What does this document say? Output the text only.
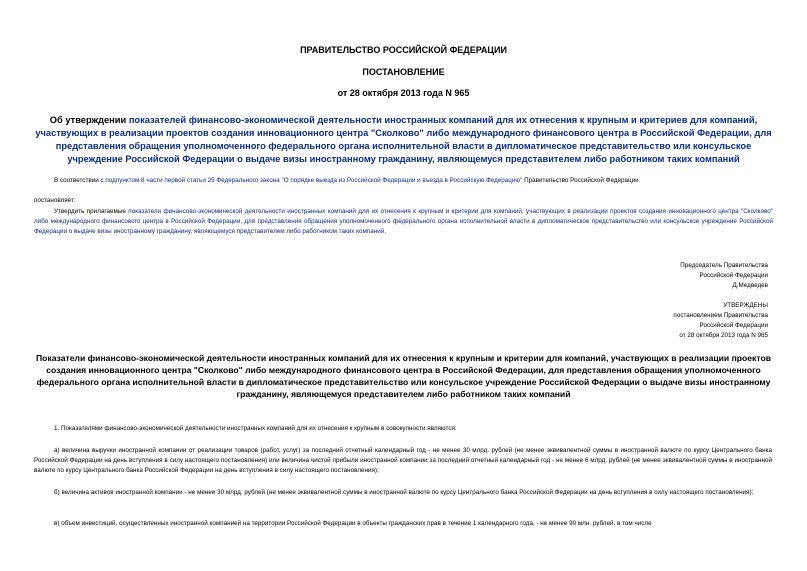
ПРАВИТЕЛЬСТВО РОССИЙСКОЙ ФЕДЕРАЦИИ
ПОСТАНОВЛЕНИЕ
от 28 октября 2013 года N 965
Об утверждении показателей финансово-экономической деятельности иностранных компаний для их отнесения к крупным и критериев для компаний, участвующих в реализации проектов создания инновационного центра "Сколково" либо международного финансового центра в Российской Федерации, для представления обращения уполномоченного федерального органа исполнительной власти в дипломатическое представительство или консульское учреждение Российской Федерации о выдаче визы иностранному гражданину, являющемуся представителем либо работником таких компаний
В соответствии с подпунктом 8 части первой статьи 25 Федерального закона "О порядке выезда из Российской Федерации и въезда в Российскую Федерацию" Правительство Российской Федерации
постановляет:
Утвердить прилагаемые показатели финансово-экономической деятельности иностранных компаний для их отнесения к крупным и критерии для компаний, участвующих в реализации проектов создания инновационного центра "Сколково" либо международного финансового центра в Российской Федерации, для представления обращения уполномоченного федерального органа исполнительной власти в дипломатическое представительство или консульское учреждение Российской Федерации о выдаче визы иностранному гражданину, являющемуся представителем либо работником таких компаний.
Председатель Правительства
Российской Федерации
Д.Медведев
УТВЕРЖДЕНЫ
постановлением Правительства
Российской Федерации
от 28 октября 2013 года N 965
Показатели финансово-экономической деятельности иностранных компаний для их отнесения к крупным и критерии для компаний, участвующих в реализации проектов создания инновационного центра "Сколково" либо международного финансового центра в Российской Федерации, для представления обращения уполномоченного федерального органа исполнительной власти в дипломатическое представительство или консульское учреждение Российской Федерации о выдаче визы иностранному гражданину, являющемуся представителем либо работником таких компаний
1. Показателями финансово-экономической деятельности иностранных компаний для их отнесения к крупным в совокупности являются:
а) величина выручки иностранной компании от реализации товаров (работ, услуг) за последний отчетный календарный год - не менее 30 млрд. рублей (не менее эквивалентной суммы в иностранной валюте по курсу Центрального банка Российской Федерации на день вступления в силу настоящего постановления) или величина чистой прибыли иностранной компании за последний отчетный календарный год - не менее 6 млрд. рублей (не менее эквивалентной суммы в иностранной валюте по курсу Центрального банка Российской Федерации на день вступления в силу настоящего постановления);
б) величина активов иностранной компании - не менее 30 млрд. рублей (не менее эквивалентной суммы в иностранной валюте по курсу Центрального банка Российской Федерации на день вступления в силу настоящего постановления);
в) объем инвестиций, осуществленных иностранной компанией на территории Российской Федерации в объекты гражданских прав в течение 1 календарного года, - не менее 90 млн. рублей, в том числе
